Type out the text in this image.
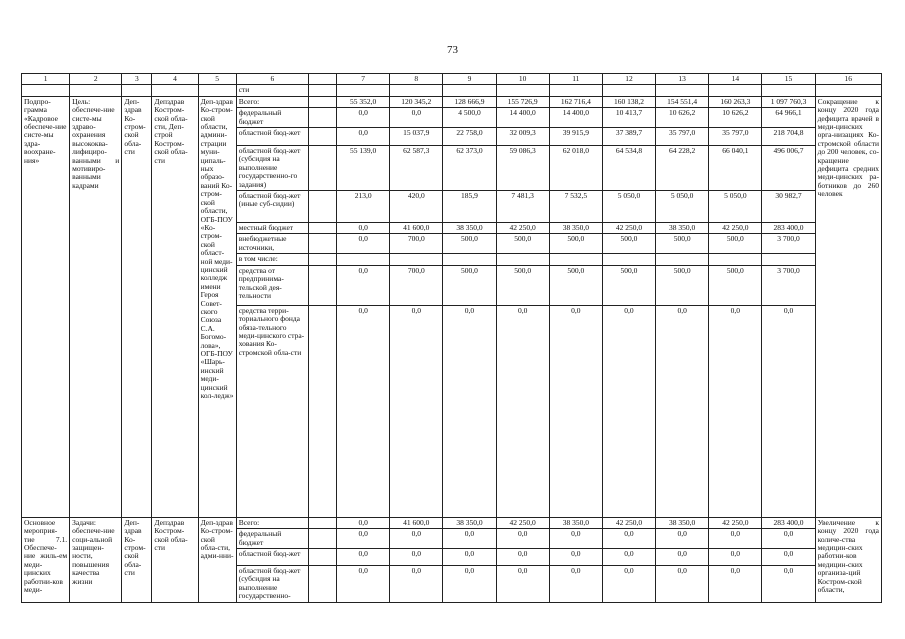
73
1	2	3	4	5	6		7	8	9	10	11	12	13	14	15	16
					сти											
Подпро-грамма «Кадровое обеспече-ние систе-мы здра-воохране-ния»	Цель: обеспече-ние систе-мы здраво-охранения высококва-лифициро-ванными и мотивиро-ванными кадрами	Деп-здрав Ко-стром-ской обла-сти	Депздрав Костром-ской обла-сти, Деп-строй Костром-ской обла-сти	Деп-здрав Ко-стром-ской области, админи-страции муни-ципаль-ных образо-ваний Ко-стром-ской области, ОГБ-ПОУ «Ко-стром-ской област-ной меди-цинский колледж имени Героя Совет-ского Союза С.А. Богомо-лова», ОГБ-ПОУ «Шарь-инский меди-цинский кол-ледж»	Всего:		55 352,0	120 345,2	128 666,9	155 726,9	162 716,4	160 138,2	154 551,4	160 263,3	1 097 760,3	Сокращение к концу 2020 года дефицита врачей в меди-цинских орга-низациях Ко-стромской области до 200 человек, со-кращение дефицита средних меди-цинских ра-ботников до 260 человек
					федеральный бюджет		0,0	0,0	4 500,0	14 400,0	14 400,0	10 413,7	10 626,2	10 626,2	64 966,1	
					областной бюд-жет		0,0	15 037,9	22 758,0	32 009,3	39 915,9	37 389,7	35 797,0	35 797,0	218 704,8	
					областной бюд-жет (субсидия на выполнение государственно-го задания)		55 139,0	62 587,3	62 373,0	59 086,3	62 018,0	64 534,8	64 228,2	66 040,1	496 006,7	
					областной бюд-жет (иные суб-сидии)		213,0	420,0	185,9	7 481,3	7 532,5	5 050,0	5 050,0	5 050,0	30 982,7	
					местный бюджет		0,0	41 600,0	38 350,0	42 250,0	38 350,0	42 250,0	38 350,0	42 250,0	283 400,0	
					внебюджетные источники,		0,0	700,0	500,0	500,0	500,0	500,0	500,0	500,0	3 700,0	
					в том числе:											
					средства от предпринима-тельской дея-тельности		0,0	700,0	500,0	500,0	500,0	500,0	500,0	500,0	3 700,0	
					средства терри-ториального фонда обяза-тельного меди-цинского стра-хования Ко-стромской обла-сти		0,0	0,0	0,0	0,0	0,0	0,0	0,0	0,0	0,0	
Основное мероприя-тие 7.1. Обеспече-ние жиль-ем меди-цинских работни-ков меди-	Задачи: обеспече-ние соци-альной защищен-ности, повышения качества жизни	Деп-здрав Ко-стром-ской обла-сти	Депздрав Костром-ской обла-сти	Деп-здрав Ко-стром-ской обла-сти, адми-нни-	Всего:		0,0	41 600,0	38 350,0	42 250,0	38 350,0	42 250,0	38 350,0	42 250,0	283 400,0	Увеличение к концу 2020 года количе-ства медицин-ских работни-ков медицин-ских организа-ций Костром-ской области,
					федеральный бюджет		0,0	0,0	0,0	0,0	0,0	0,0	0,0	0,0	0,0	
					областной бюд-жет		0,0	0,0	0,0	0,0	0,0	0,0	0,0	0,0	0,0	
					областной бюд-жет (субсидия на выполнение государственно-		0,0	0,0	0,0	0,0	0,0	0,0	0,0	0,0	0,0	
